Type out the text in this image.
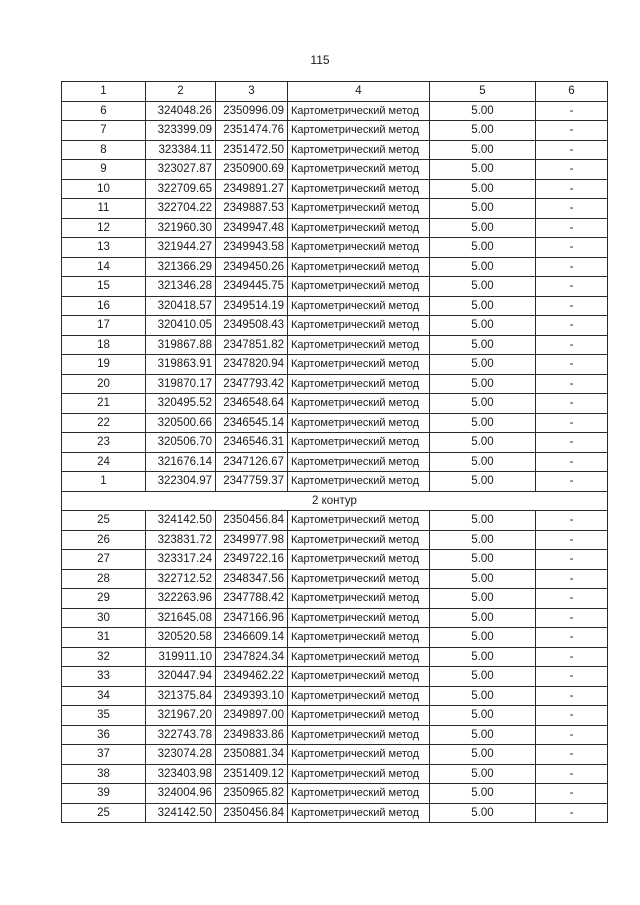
115
1	2	3	4	5	6
6	324048.26	2350996.09	Картометрический метод	5.00	-
7	323399.09	2351474.76	Картометрический метод	5.00	-
8	323384.11	2351472.50	Картометрический метод	5.00	-
9	323027.87	2350900.69	Картометрический метод	5.00	-
10	322709.65	2349891.27	Картометрический метод	5.00	-
11	322704.22	2349887.53	Картометрический метод	5.00	-
12	321960.30	2349947.48	Картометрический метод	5.00	-
13	321944.27	2349943.58	Картометрический метод	5.00	-
14	321366.29	2349450.26	Картометрический метод	5.00	-
15	321346.28	2349445.75	Картометрический метод	5.00	-
16	320418.57	2349514.19	Картометрический метод	5.00	-
17	320410.05	2349508.43	Картометрический метод	5.00	-
18	319867.88	2347851.82	Картометрический метод	5.00	-
19	319863.91	2347820.94	Картометрический метод	5.00	-
20	319870.17	2347793.42	Картометрический метод	5.00	-
21	320495.52	2346548.64	Картометрический метод	5.00	-
22	320500.66	2346545.14	Картометрический метод	5.00	-
23	320506.70	2346546.31	Картометрический метод	5.00	-
24	321676.14	2347126.67	Картометрический метод	5.00	-
1	322304.97	2347759.37	Картометрический метод	5.00	-
2 контур					
25	324142.50	2350456.84	Картометрический метод	5.00	-
26	323831.72	2349977.98	Картометрический метод	5.00	-
27	323317.24	2349722.16	Картометрический метод	5.00	-
28	322712.52	2348347.56	Картометрический метод	5.00	-
29	322263.96	2347788.42	Картометрический метод	5.00	-
30	321645.08	2347166.96	Картометрический метод	5.00	-
31	320520.58	2346609.14	Картометрический метод	5.00	-
32	319911.10	2347824.34	Картометрический метод	5.00	-
33	320447.94	2349462.22	Картометрический метод	5.00	-
34	321375.84	2349393.10	Картометрический метод	5.00	-
35	321967.20	2349897.00	Картометрический метод	5.00	-
36	322743.78	2349833.86	Картометрический метод	5.00	-
37	323074.28	2350881.34	Картометрический метод	5.00	-
38	323403.98	2351409.12	Картометрический метод	5.00	-
39	324004.96	2350965.82	Картометрический метод	5.00	-
25	324142.50	2350456.84	Картометрический метод	5.00	-
